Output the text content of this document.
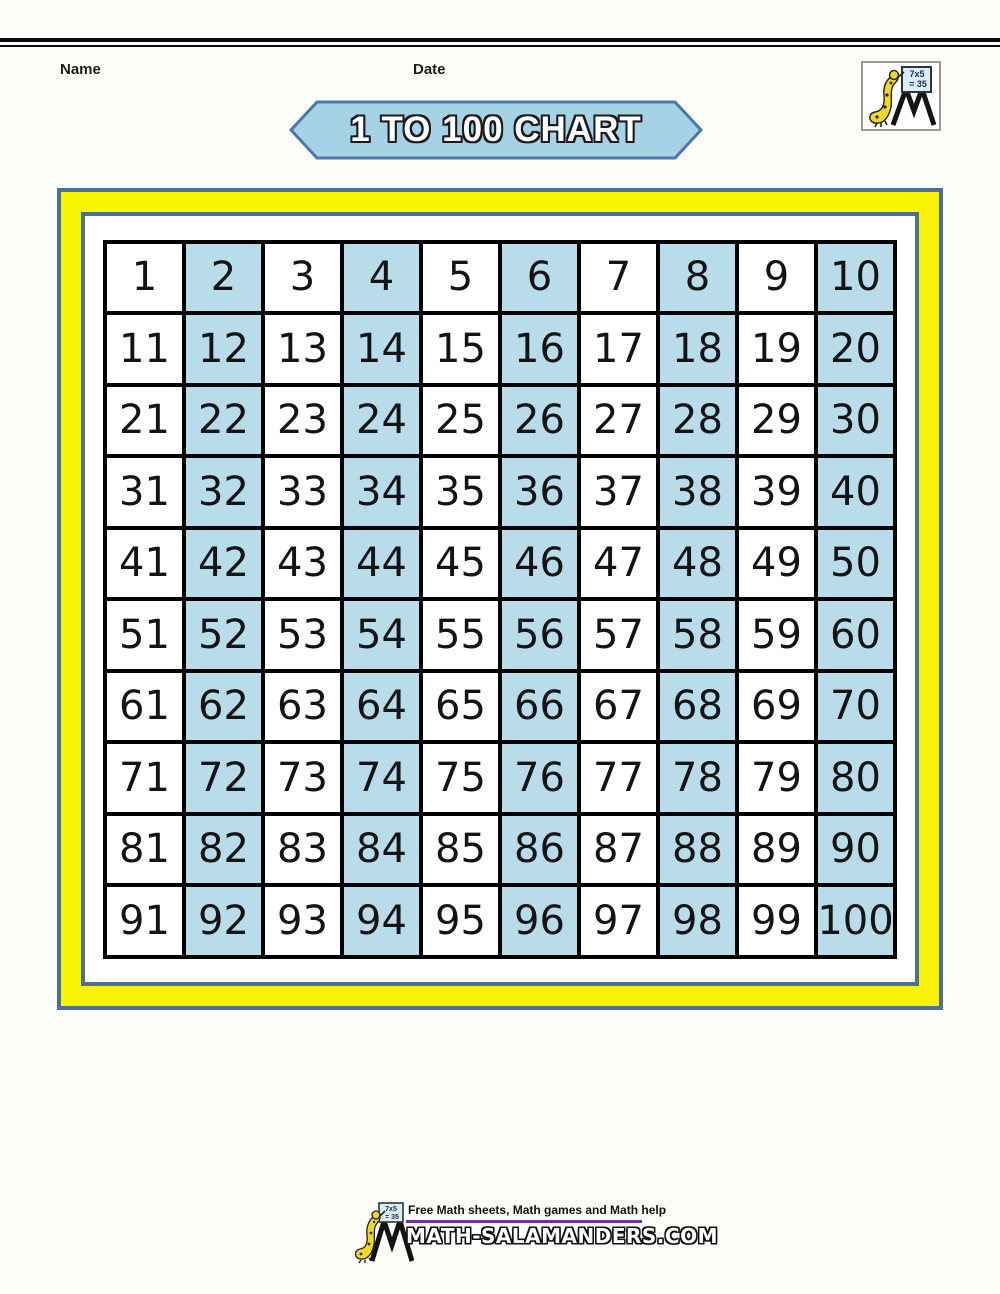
Name	Date	7x5
= 35
1 TO 100 CHART
1	2	3	4	5	6	7	8	9	10
11 12 13 14 15 16 17 18 19 20
21 22 23 24 25 26 27 28 29 30
31 32 33 34 35 36 37 38 39 40
41 42 43 44 45 46 47 48 49 50
51 52 53 54 55 56 57 58 59 60
61 62 63 64 65 66 67 68 69 70
71 72 73 74 75 76 77 78 79 80
81 82 83 84 85 86 87 88 89 90
91 92 93 94 95 96 97 98 99 100
7x5
= 35
Free Math sheets, Math games and Math help
MATH-SALAMANDERS.COM
